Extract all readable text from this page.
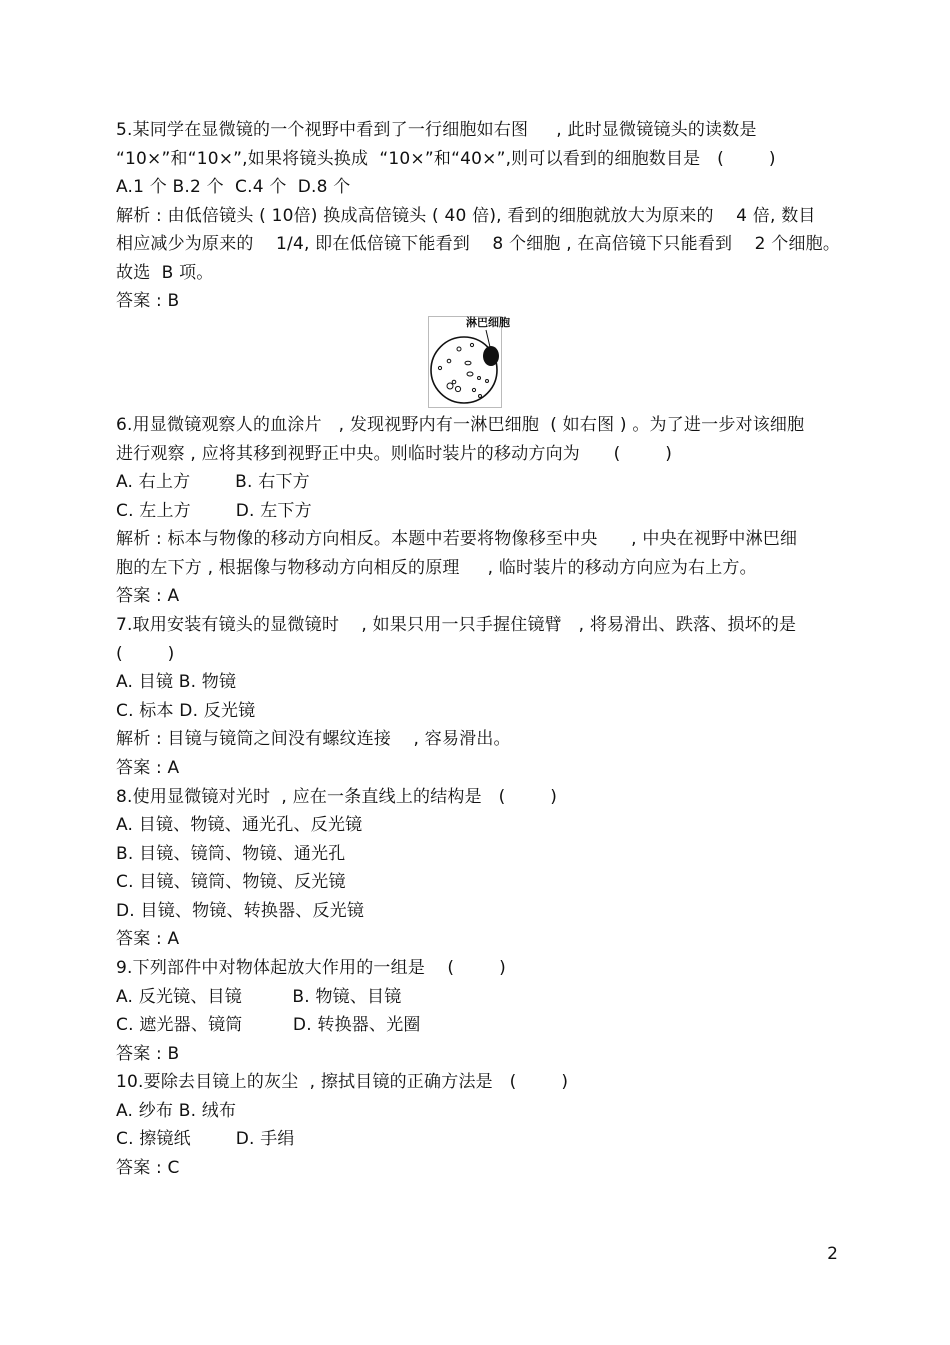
5.某同学在显微镜的一个视野中看到了一行细胞如右图     , 此时显微镜镜头的读数是
“10×”和“10×”,如果将镜头换成  “10×”和“40×”,则可以看到的细胞数目是   (        )
A.1 个 B.2 个  C.4 个  D.8 个
解析 : 由低倍镜头 ( 10倍) 换成高倍镜头 ( 40 倍), 看到的细胞就放大为原来的    4 倍, 数目
相应减少为原来的    1/4, 即在低倍镜下能看到    8 个细胞 , 在高倍镜下只能看到    2 个细胞。
故选  B 项。
答案 : B
淋巴细胞
6.用显微镜观察人的血涂片   , 发现视野内有一淋巴细胞  ( 如右图 ) 。为了进一步对该细胞
进行观察 , 应将其移到视野正中央。则临时装片的移动方向为      (        )
A. 右上方        B. 右下方
C. 左上方        D. 左下方
解析 : 标本与物像的移动方向相反。本题中若要将物像移至中央      , 中央在视野中淋巴细
胞的左下方 , 根据像与物移动方向相反的原理     , 临时装片的移动方向应为右上方。
答案 : A
7.取用安装有镜头的显微镜时    , 如果只用一只手握住镜臂   , 将易滑出、跌落、损坏的是
(        )
A. 目镜 B. 物镜
C. 标本 D. 反光镜
解析 : 目镜与镜筒之间没有螺纹连接    , 容易滑出。
答案 : A
8.使用显微镜对光时  , 应在一条直线上的结构是   (        )
A. 目镜、物镜、通光孔、反光镜
B. 目镜、镜筒、物镜、通光孔
C. 目镜、镜筒、物镜、反光镜
D. 目镜、物镜、转换器、反光镜
答案 : A
9.下列部件中对物体起放大作用的一组是    (        )
A. 反光镜、目镜         B. 物镜、目镜
C. 遮光器、镜筒         D. 转换器、光圈
答案 : B
10.要除去目镜上的灰尘  , 擦拭目镜的正确方法是   (        )
A. 纱布 B. 绒布
C. 擦镜纸        D. 手绢
答案 : C
2
